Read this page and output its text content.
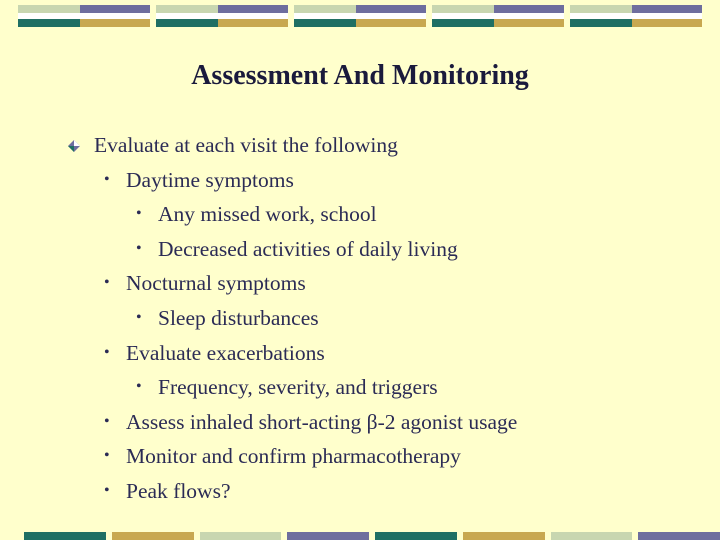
Assessment And Monitoring
Evaluate at each visit the following
• Daytime symptoms
• Any missed work, school
• Decreased activities of daily living
• Nocturnal symptoms
• Sleep disturbances
• Evaluate exacerbations
• Frequency, severity, and triggers
• Assess inhaled short-acting β-2 agonist usage
• Monitor and confirm pharmacotherapy
• Peak flows?
